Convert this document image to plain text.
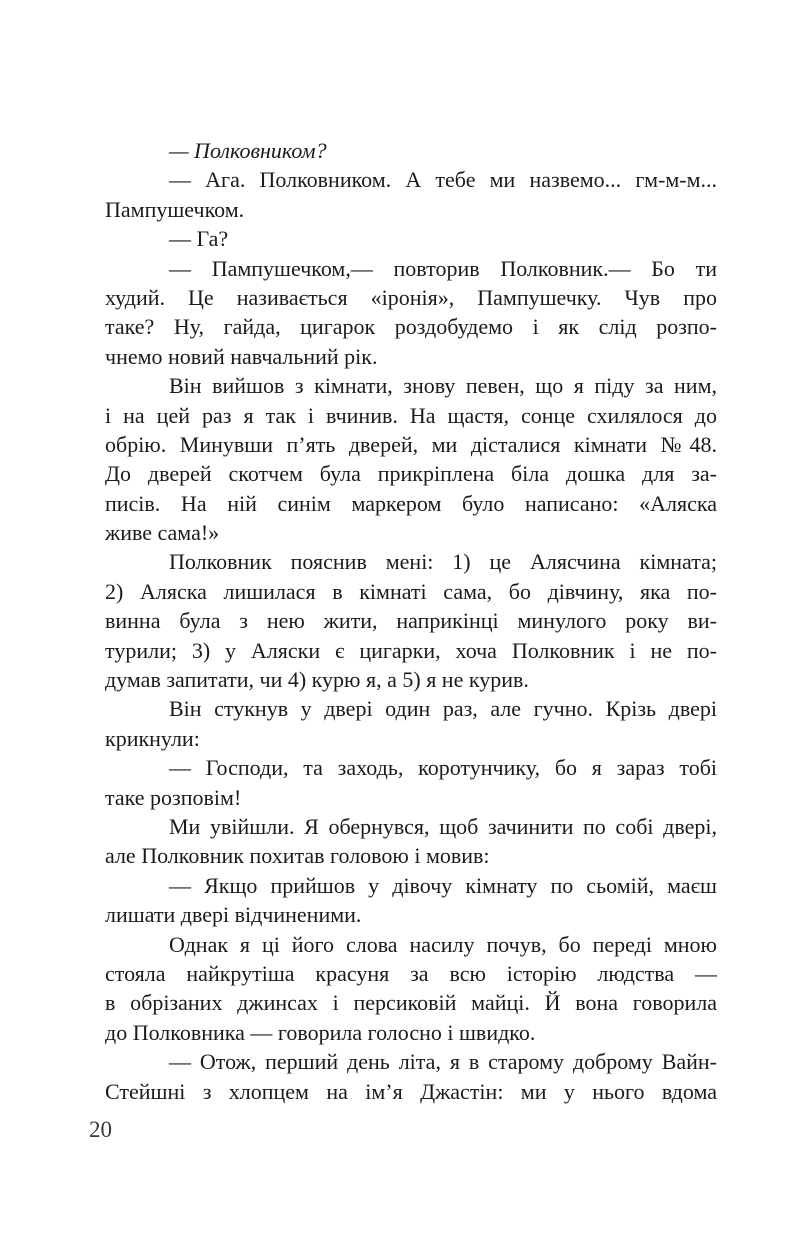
— Полковником?
— Ага. Полковником. А тебе ми назвемо... гм-м-м...
Пампушечком.
— Га?
— Пампушечком,— повторив Полковник.— Бо ти
худий. Це називається «іронія», Пампушечку. Чув про
таке? Ну, гайда, цигарок роздобудемо і як слід розпо-
чнемо новий навчальний рік.
Він вийшов з кімнати, знову певен, що я піду за ним,
і на цей раз я так і вчинив. На щастя, сонце схилялося до
обрію. Минувши п’ять дверей, ми дісталися кімнати №48.
До дверей скотчем була прикріплена біла дошка для за-
писів. На ній синім маркером було написано: «Аляска
живе сама!»
Полковник пояснив мені: 1) це Алясчина кімната;
2) Аляска лишилася в кімнаті сама, бо дівчину, яка по-
винна була з нею жити, наприкінці минулого року ви-
турили; 3) у Аляски є цигарки, хоча Полковник і не по-
думав запитати, чи 4) курю я, а 5) я не курив.
Він стукнув у двері один раз, але гучно. Крізь двері
крикнули:
— Господи, та заходь, коротунчику, бо я зараз тобі
таке розповім!
Ми увійшли. Я обернувся, щоб зачинити по собі двері,
але Полковник похитав головою і мовив:
— Якщо прийшов у дівочу кімнату по сьомій, маєш
лишати двері відчиненими.
Однак я ці його слова насилу почув, бо переді мною
стояла найкрутіша красуня за всю історію людства —
в обрізаних джинсах і персиковій майці. Й вона говорила
до Полковника — говорила голосно і швидко.
— Отож, перший день літа, я в старому доброму Вайн-
Стейшні з хлопцем на ім’я Джастін: ми у нього вдома
20
